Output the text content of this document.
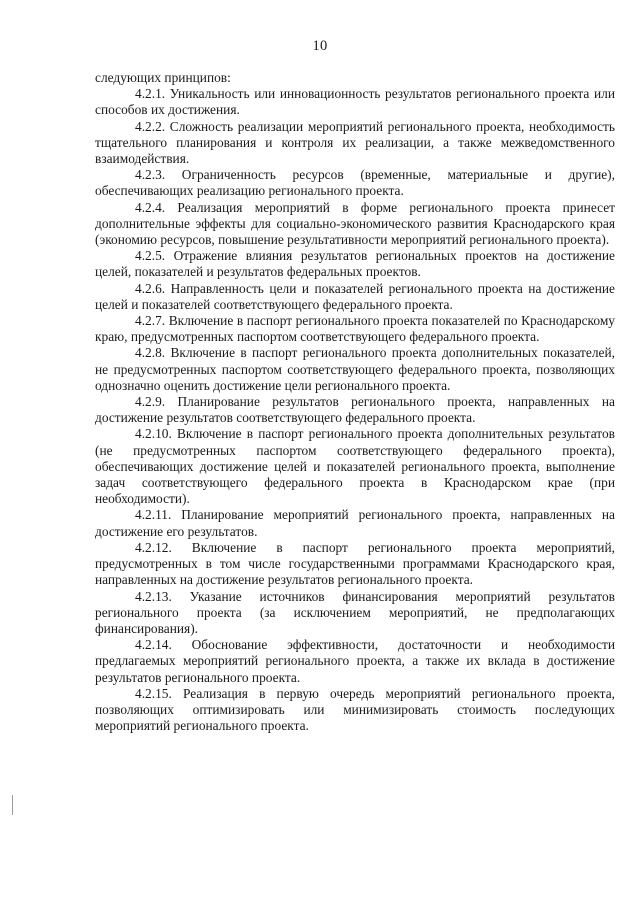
10

следующих принципов:

4.2.1. Уникальность или инновационность результатов регионального проекта или способов их достижения.

4.2.2. Сложность реализации мероприятий регионального проекта, необходимость тщательного планирования и контроля их реализации, а также межведомственного взаимодействия.

4.2.3. Ограниченность ресурсов (временные, материальные и другие), обеспечивающих реализацию регионального проекта.

4.2.4. Реализация мероприятий в форме регионального проекта принесет дополнительные эффекты для социально-экономического развития Краснодарского края (экономию ресурсов, повышение результативности мероприятий регионального проекта).

4.2.5. Отражение влияния результатов региональных проектов на достижение целей, показателей и результатов федеральных проектов.

4.2.6. Направленность цели и показателей регионального проекта на достижение целей и показателей соответствующего федерального проекта.

4.2.7. Включение в паспорт регионального проекта показателей по Краснодарскому краю, предусмотренных паспортом соответствующего федерального проекта.

4.2.8. Включение в паспорт регионального проекта дополнительных показателей, не предусмотренных паспортом соответствующего федерального проекта, позволяющих однозначно оценить достижение цели регионального проекта.

4.2.9. Планирование результатов регионального проекта, направленных на достижение результатов соответствующего федерального проекта.

4.2.10. Включение в паспорт регионального проекта дополнительных результатов (не предусмотренных паспортом соответствующего федерального проекта), обеспечивающих достижение целей и показателей регионального проекта, выполнение задач соответствующего федерального проекта в Краснодарском крае (при необходимости).

4.2.11. Планирование мероприятий регионального проекта, направленных на достижение его результатов.

4.2.12. Включение в паспорт регионального проекта мероприятий, предусмотренных в том числе государственными программами Краснодарского края, направленных на достижение результатов регионального проекта.

4.2.13. Указание источников финансирования мероприятий результатов регионального проекта (за исключением мероприятий, не предполагающих финансирования).

4.2.14. Обоснование эффективности, достаточности и необходимости предлагаемых мероприятий регионального проекта, а также их вклада в достижение результатов регионального проекта.

4.2.15. Реализация в первую очередь мероприятий регионального проекта, позволяющих оптимизировать или минимизировать стоимость последующих мероприятий регионального проекта.
